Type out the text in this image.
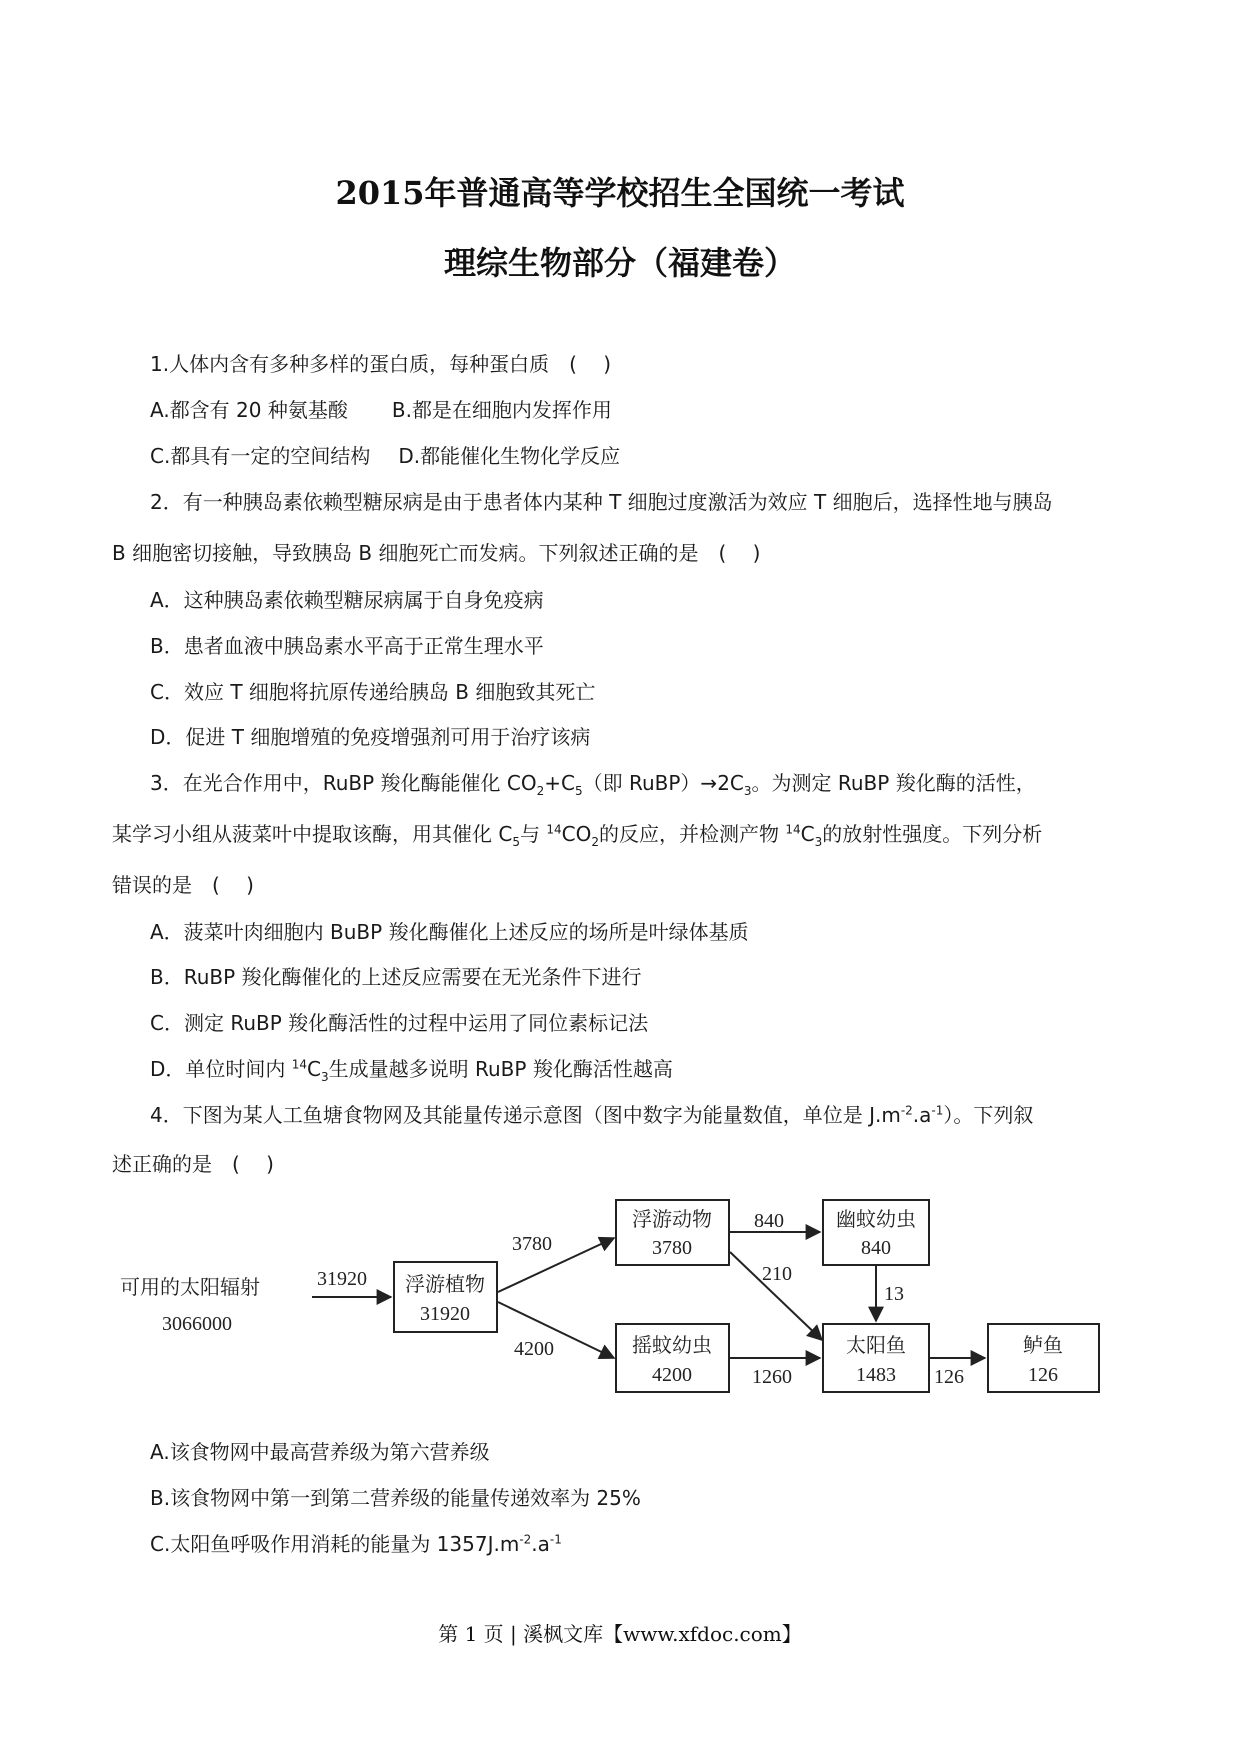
2015年普通高等学校招生全国统一考试
理综生物部分（福建卷）
1.人体内含有多种多样的蛋白质，每种蛋白质　(　 )
A.都含有 20 种氨基酸 B.都是在细胞内发挥作用
C.都具有一定的空间结构 D.都能催化生物化学反应
2．有一种胰岛素依赖型糖尿病是由于患者体内某种 T 细胞过度激活为效应 T 细胞后，选择性地与胰岛
B 细胞密切接触，导致胰岛 B 细胞死亡而发病。下列叙述正确的是　(　 )
A．这种胰岛素依赖型糖尿病属于自身免疫病
B．患者血液中胰岛素水平高于正常生理水平
C．效应 T 细胞将抗原传递给胰岛 B 细胞致其死亡
D．促进 T 细胞增殖的免疫增强剂可用于治疗该病
3．在光合作用中，RuBP 羧化酶能催化 $CO_2+C_5$（即 $RuBP)\to 2C_3$。为测定 RuBP 羧化酶的活性，
某学习小组从菠菜叶中提取该酶，用其催化 $C_5$与 $^{14}CO_2$的反应，并检测产物 $^{14}C_3$的放射性强度。下列分析
错误的是　(　 )
A．菠菜叶肉细胞内 BuBP 羧化酶催化上述反应的场所是叶绿体基质
B．RuBP 羧化酶催化的上述反应需要在无光条件下进行
C．测定 RuBP 羧化酶活性的过程中运用了同位素标记法
D．单位时间内 $^{14}C_3$生成量越多说明 RuBP 羧化酶活性越高
4．下图为某人工鱼塘食物网及其能量传递示意图（图中数字为能量数值，单位是 $J.m^{-2}.a^{-1}$）。下列叙
述正确的是　(　 )
可用的太阳辐射
3066000
31920
3780
4200
840
210
13
1260	126
浮游植物
31920
浮游动物
3780
摇蚊幼虫
4200
幽蚊幼虫
840
太阳鱼
1483
鲈鱼
126
A.该食物网中最高营养级为第六营养级
B.该食物网中第一到第二营养级的能量传递效率为 25%
C.太阳鱼呼吸作用消耗的能量为 $1357J.m^{-2}.a^{-1}$
第 1 页 | 溪枫文库【www.xfdoc.com】
